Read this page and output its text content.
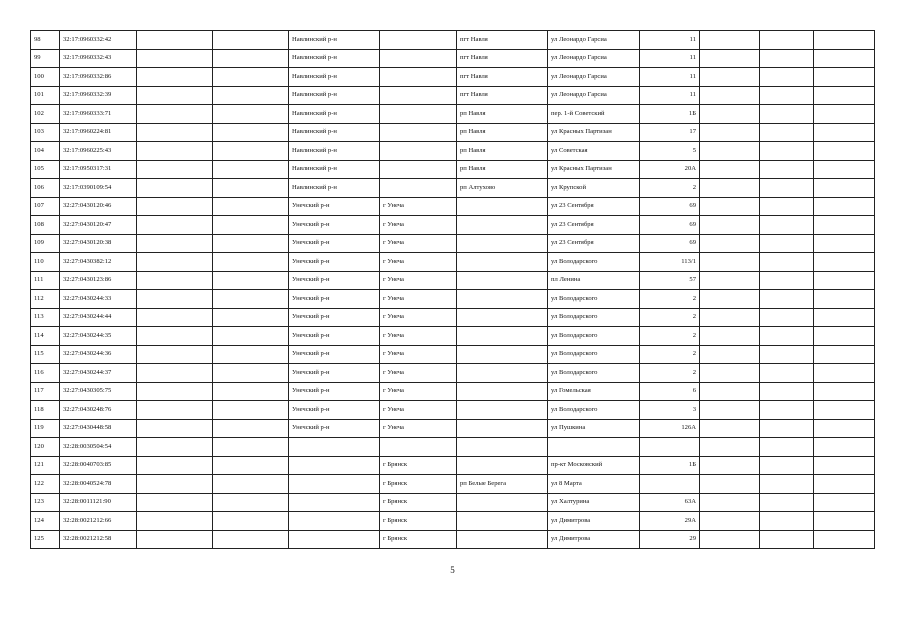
98	32:17:0960332:42			Навлинский р-н		пгт Навля	ул Леонардо Гарсиа	11			
99	32:17:0960332:43			Навлинский р-н		пгт Навля	ул Леонардо Гарсиа	11			
100	32:17:0960332:86			Навлинский р-н		пгт Навля	ул Леонардо Гарсиа	11			
101	32:17:0960332:39			Навлинский р-н		пгт Навля	ул Леонардо Гарсиа	11			
102	32:17:0960333:71			Навлинский р-н		рп Навля	пер. 1-й Советский	1Б			
103	32:17:0960224:81			Навлинский р-н		рп Навля	ул Красных Партизан	17			
104	32:17:0960225:43			Навлинский р-н		рп Навля	ул Советская	5			
105	32:17:0950317:31			Навлинский р-н		рп Навля	ул Красных Партизан	20А			
106	32:17:0390109:54			Навлинский р-н		рп Алтухово	ул Крупской	2			
107	32:27:0430120:46			Унечский р-н	г Унеча		ул 23 Сентября	69			
108	32:27:0430120:47			Унечский р-н	г Унеча		ул 23 Сентября	69			
109	32:27:0430120:38			Унечский р-н	г Унеча		ул 23 Сентября	69			
110	32:27:0430382:12			Унечский р-н	г Унеча		ул Володарского	113/1			
111	32:27:0430123:86			Унечский р-н	г Унеча		пл Ленина	57			
112	32:27:0430244:33			Унечский р-н	г Унеча		ул Володарского	2			
113	32:27:0430244:44			Унечский р-н	г Унеча		ул Володарского	2			
114	32:27:0430244:35			Унечский р-н	г Унеча		ул Володарского	2			
115	32:27:0430244:36			Унечский р-н	г Унеча		ул Володарского	2			
116	32:27:0430244:37			Унечский р-н	г Унеча		ул Володарского	2			
117	32:27:0430305:75			Унечский р-н	г Унеча		ул Гомельская	6			
118	32:27:0430248:76			Унечский р-н	г Унеча		ул Володарского	3			
119	32:27:0430448:58			Унечский р-н	г Унеча		ул Пушкина	126А			
120	32:28:0030504:54										
121	32:28:0040703:85				г Брянск		пр-кт Московский	1Б			
122	32:28:0040524:78				г Брянск	рп Белые Берега	ул 8 Марта				
123	32:28:0011121:90				г Брянск		ул Халтурина	63А			
124	32:28:0021212:66				г Брянск		ул Димитрова	29А			
125	32:28:0021212:58				г Брянск		ул Димитрова	29			
5
